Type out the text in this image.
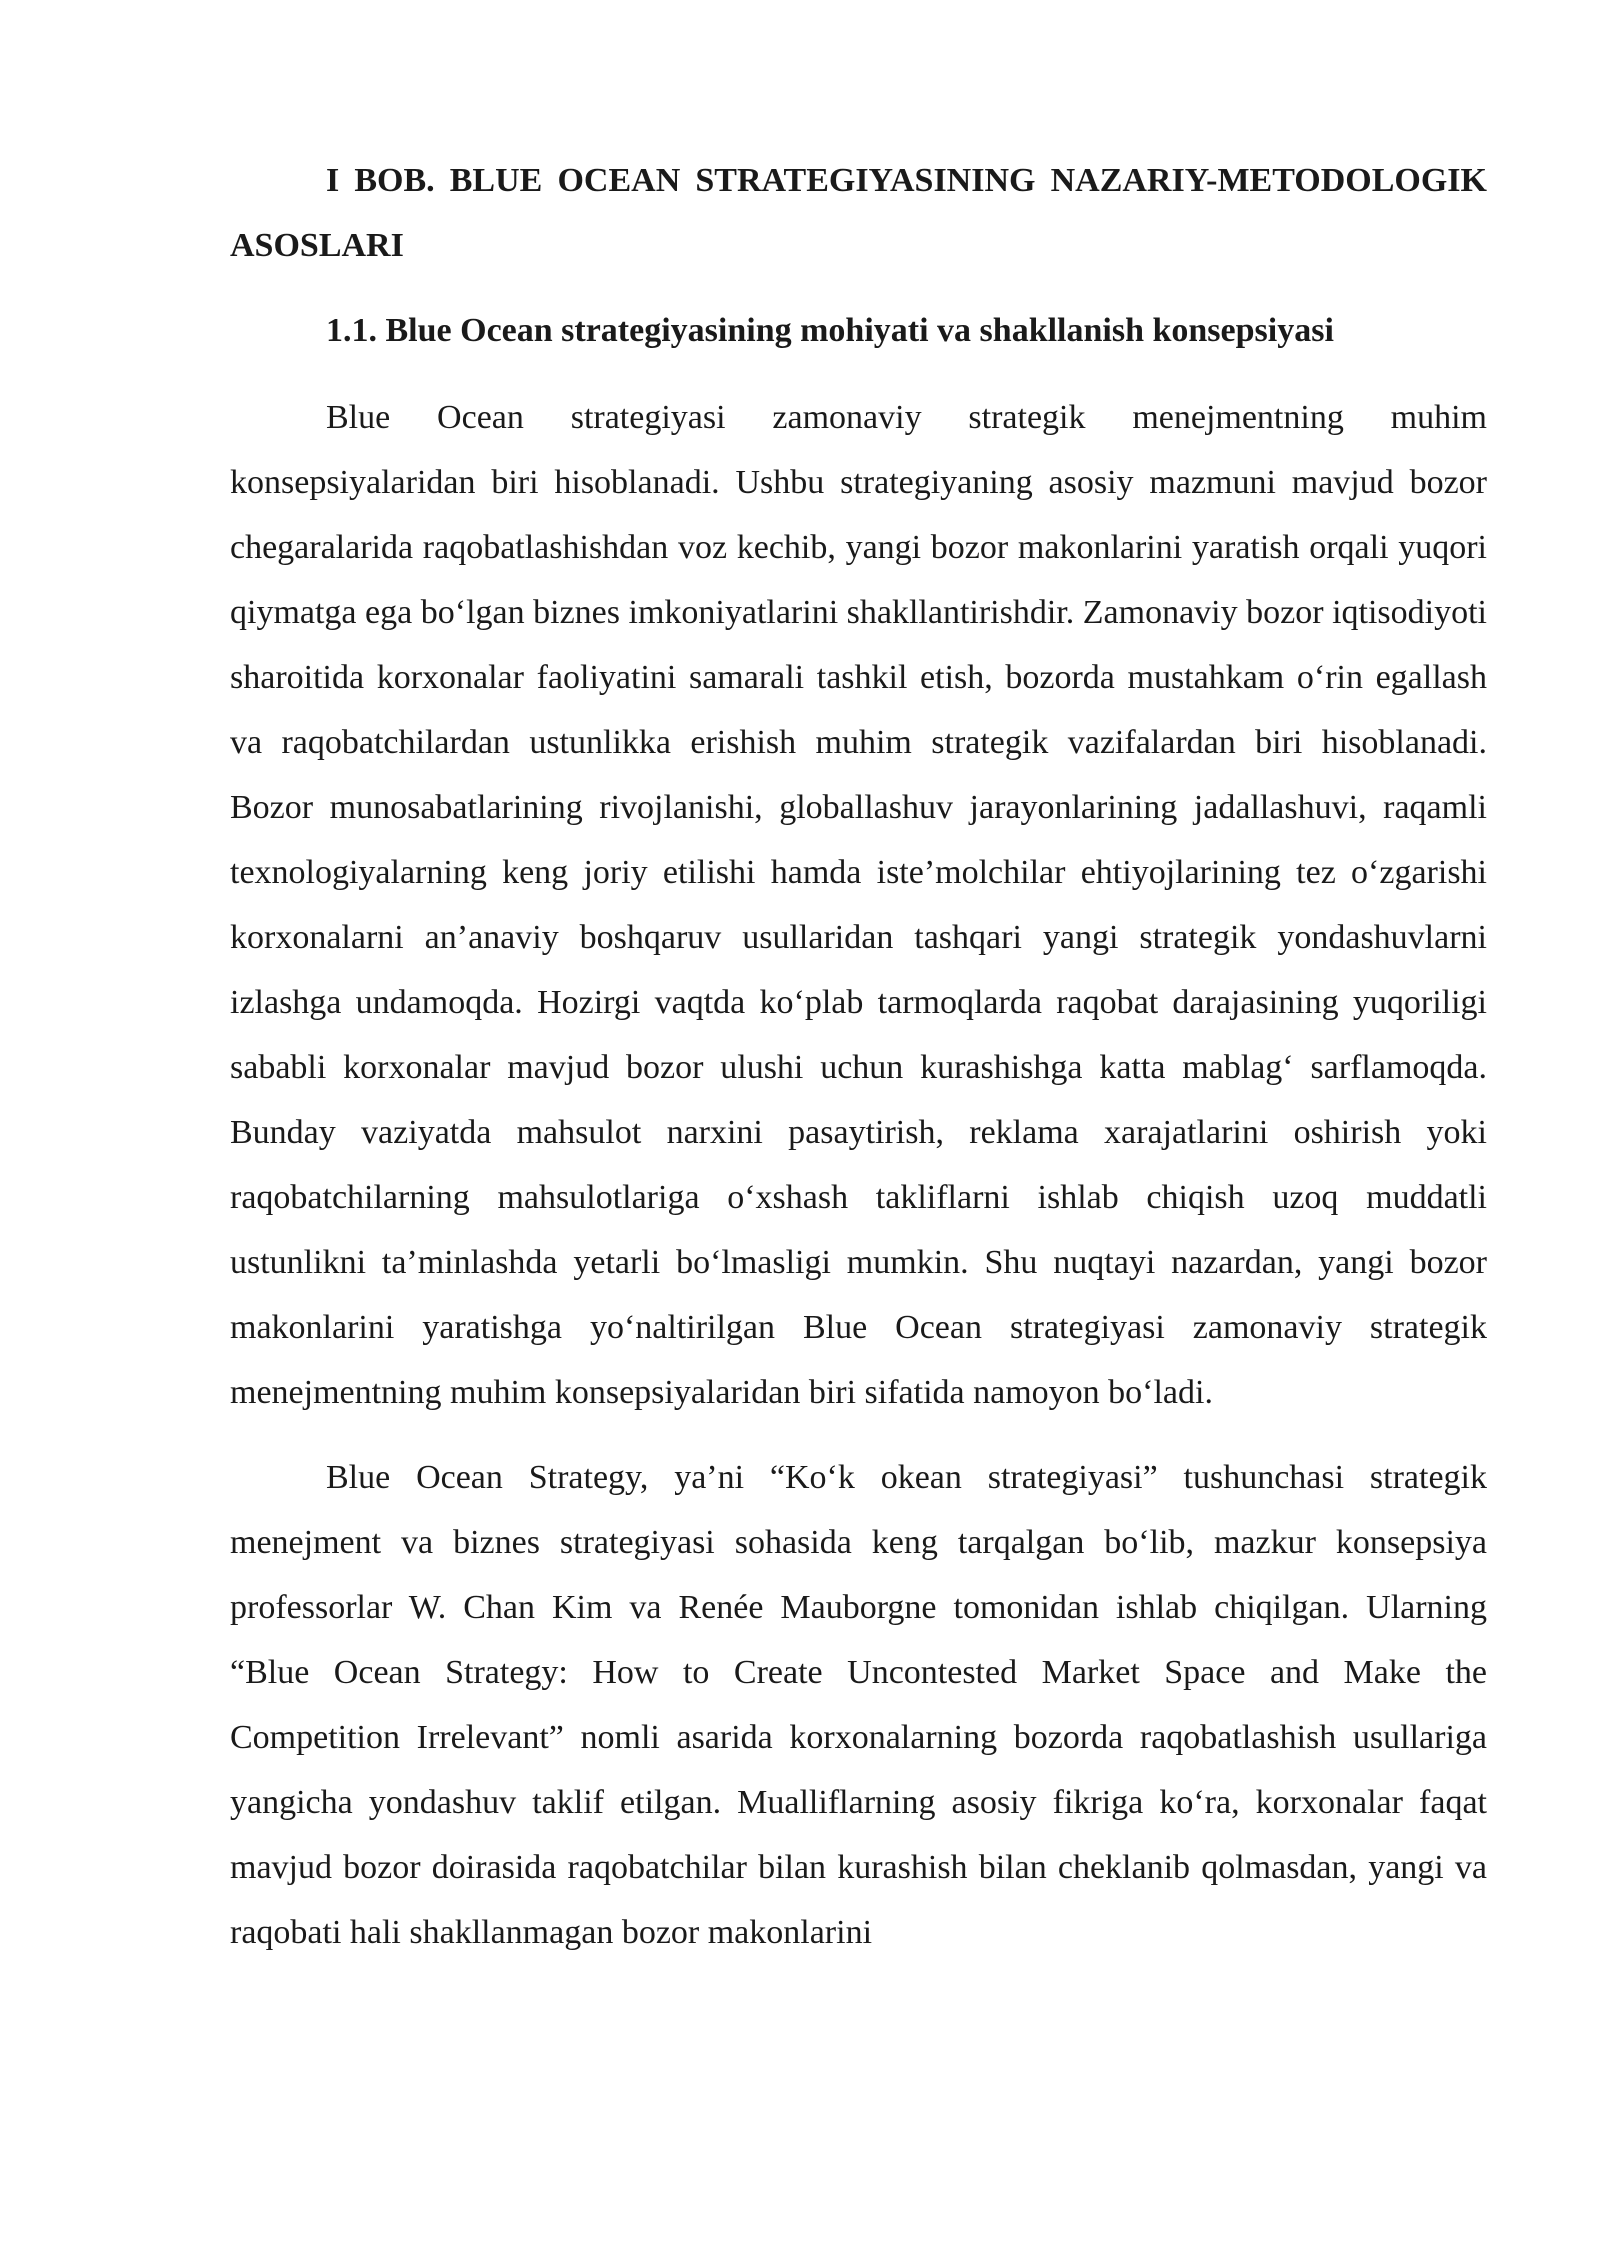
I BOB. BLUE OCEAN STRATEGIYASINING NAZARIY-METODOLOGIK ASOSLARI
1.1. Blue Ocean strategiyasining mohiyati va shakllanish konsepsiyasi

Blue Ocean strategiyasi zamonaviy strategik menejmentning muhim konsepsiyalaridan biri hisoblanadi. Ushbu strategiyaning asosiy mazmuni mavjud bozor chegaralarida raqobatlashishdan voz kechib, yangi bozor makonlarini yaratish orqali yuqori qiymatga ega bo‘lgan biznes imkoniyatlarini shakllantirishdir. Zamonaviy bozor iqtisodiyoti sharoitida korxonalar faoliyatini samarali tashkil etish, bozorda mustahkam o‘rin egallash va raqobatchilardan ustunlikka erishish muhim strategik vazifalardan biri hisoblanadi. Bozor munosabatlarining rivojlanishi, globallashuv jarayonlarining jadallashuvi, raqamli texnologiyalarning keng joriy etilishi hamda iste’molchilar ehtiyojlarining tez o‘zgarishi korxonalarni an’anaviy boshqaruv usullaridan tashqari yangi strategik yondashuvlarni izlashga undamoqda. Hozirgi vaqtda ko‘plab tarmoqlarda raqobat darajasining yuqoriligi sababli korxonalar mavjud bozor ulushi uchun kurashishga katta mablag‘ sarflamoqda. Bunday vaziyatda mahsulot narxini pasaytirish, reklama xarajatlarini oshirish yoki raqobatchilarning mahsulotlariga o‘xshash takliflarni ishlab chiqish uzoq muddatli ustunlikni ta’minlashda yetarli bo‘lmasligi mumkin. Shu nuqtayi nazardan, yangi bozor makonlarini yaratishga yo‘naltirilgan Blue Ocean strategiyasi zamonaviy strategik menejmentning muhim konsepsiyalaridan biri sifatida namoyon bo‘ladi.

Blue Ocean Strategy, ya’ni “Ko‘k okean strategiyasi” tushunchasi strategik menejment va biznes strategiyasi sohasida keng tarqalgan bo‘lib, mazkur konsepsiya professorlar W. Chan Kim va Renée Mauborgne tomonidan ishlab chiqilgan. Ularning “Blue Ocean Strategy: How to Create Uncontested Market Space and Make the Competition Irrelevant” nomli asarida korxonalarning bozorda raqobatlashish usullariga yangicha yondashuv taklif etilgan. Mualliflarning asosiy fikriga ko‘ra, korxonalar faqat mavjud bozor doirasida raqobatchilar bilan kurashish bilan cheklanib qolmasdan, yangi va raqobati hali shakllanmagan bozor makonlarini
